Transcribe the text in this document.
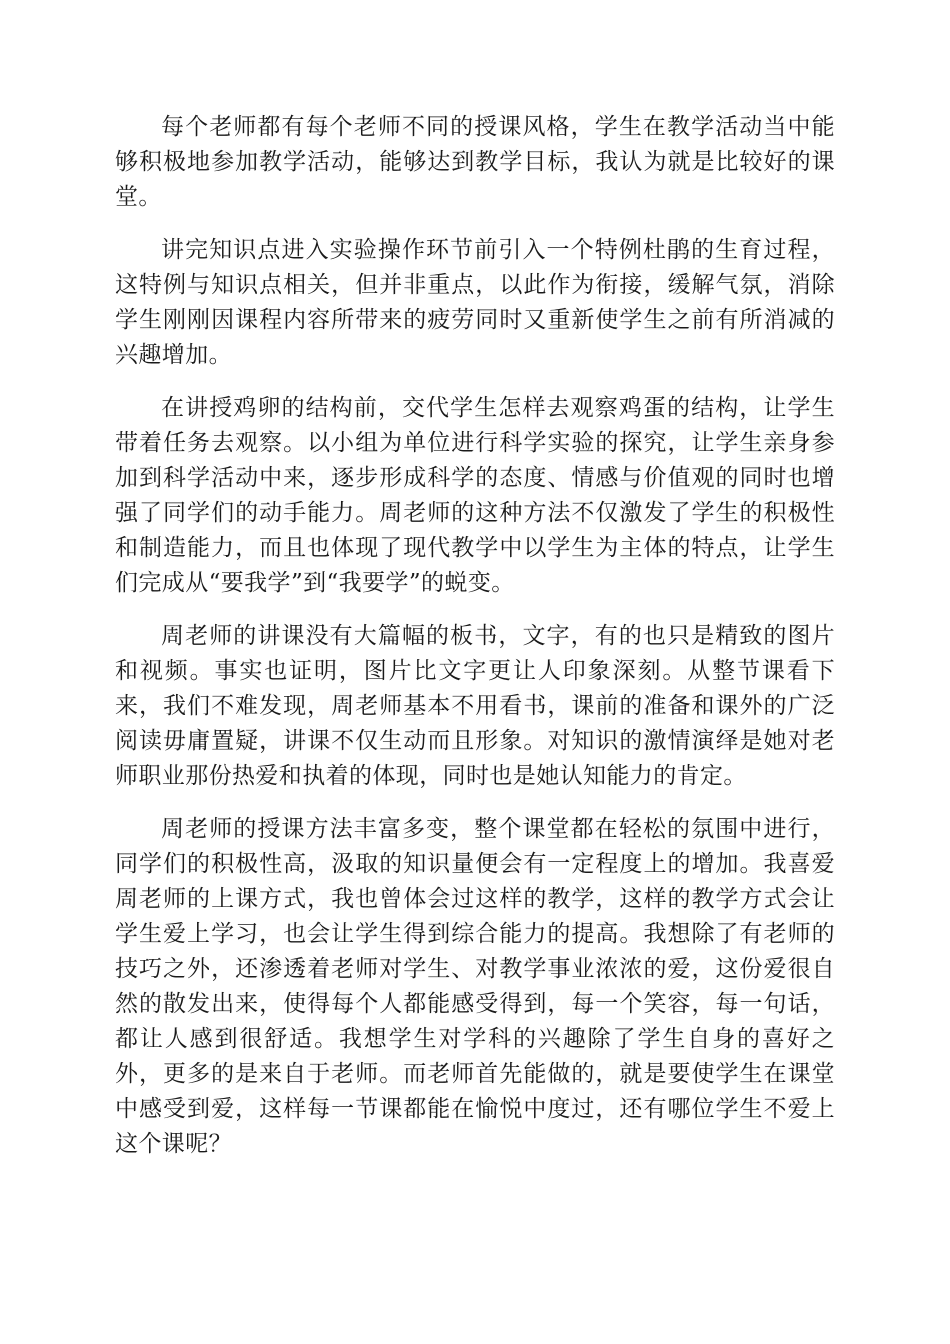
每个老师都有每个老师不同的授课风格，学生在教学活动当中能够积极地参加教学活动，能够达到教学目标，我认为就是比较好的课堂。

讲完知识点进入实验操作环节前引入一个特例杜鹃的生育过程，这特例与知识点相关，但并非重点，以此作为衔接，缓解气氛，消除学生刚刚因课程内容所带来的疲劳同时又重新使学生之前有所消减的兴趣增加。

在讲授鸡卵的结构前，交代学生怎样去观察鸡蛋的结构，让学生带着任务去观察。以小组为单位进行科学实验的探究，让学生亲身参加到科学活动中来，逐步形成科学的态度、情感与价值观的同时也增强了同学们的动手能力。周老师的这种方法不仅激发了学生的积极性和制造能力，而且也体现了现代教学中以学生为主体的特点，让学生们完成从“要我学”到“我要学”的蜕变。

周老师的讲课没有大篇幅的板书，文字，有的也只是精致的图片和视频。事实也证明，图片比文字更让人印象深刻。从整节课看下来，我们不难发现，周老师基本不用看书，课前的准备和课外的广泛阅读毋庸置疑，讲课不仅生动而且形象。对知识的激情演绎是她对老师职业那份热爱和执着的体现，同时也是她认知能力的肯定。

周老师的授课方法丰富多变，整个课堂都在轻松的氛围中进行，同学们的积极性高，汲取的知识量便会有一定程度上的增加。我喜爱周老师的上课方式，我也曾体会过这样的教学，这样的教学方式会让学生爱上学习，也会让学生得到综合能力的提高。我想除了有老师的技巧之外，还渗透着老师对学生、对教学事业浓浓的爱，这份爱很自然的散发出来，使得每个人都能感受得到，每一个笑容，每一句话，都让人感到很舒适。我想学生对学科的兴趣除了学生自身的喜好之外，更多的是来自于老师。而老师首先能做的，就是要使学生在课堂中感受到爱，这样每一节课都能在愉悦中度过，还有哪位学生不爱上这个课呢？
